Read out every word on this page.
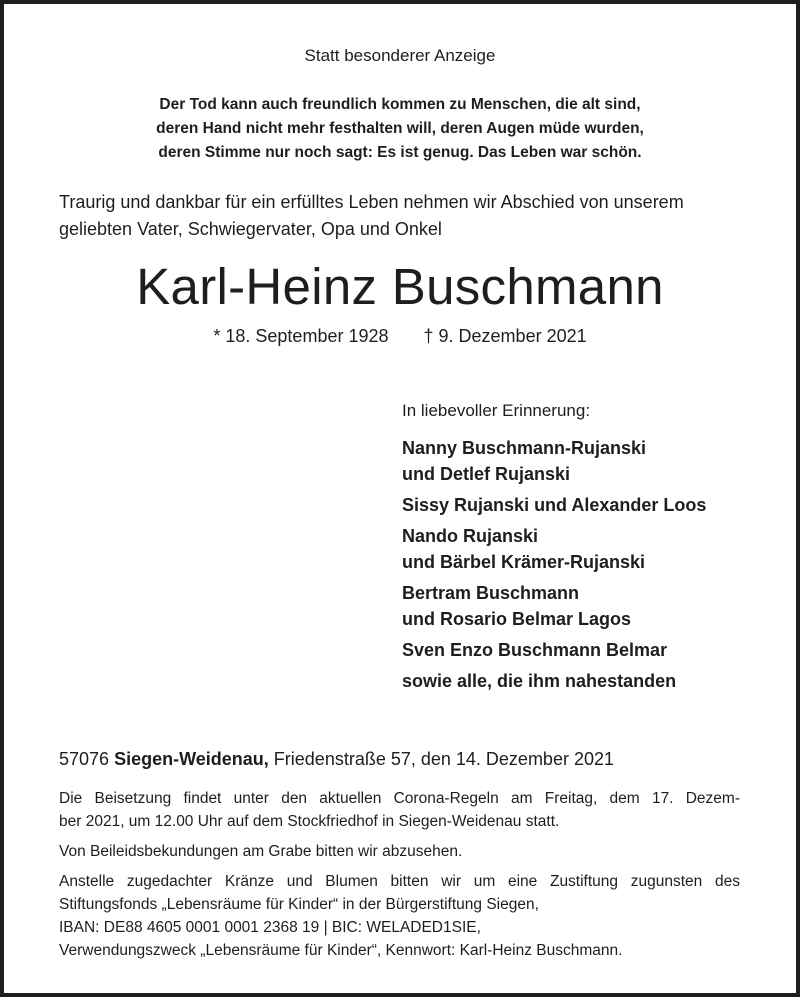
Statt besonderer Anzeige
Der Tod kann auch freundlich kommen zu Menschen, die alt sind,
deren Hand nicht mehr festhalten will, deren Augen müde wurden,
deren Stimme nur noch sagt: Es ist genug. Das Leben war schön.
Traurig und dankbar für ein erfülltes Leben nehmen wir Abschied von unserem
geliebten Vater, Schwiegervater, Opa und Onkel
Karl-Heinz Buschmann
* 18. September 1928 † 9. Dezember 2021
In liebevoller Erinnerung:
Nanny Buschmann-Rujanski
und Detlef Rujanski
Sissy Rujanski und Alexander Loos
Nando Rujanski
und Bärbel Krämer-Rujanski
Bertram Buschmann
und Rosario Belmar Lagos
Sven Enzo Buschmann Belmar
sowie alle, die ihm nahestanden
57076 Siegen-Weidenau, Friedenstraße 57, den 14. Dezember 2021
Die Beisetzung findet unter den aktuellen Corona-Regeln am Freitag, dem 17. Dezem-
ber 2021, um 12.00 Uhr auf dem Stockfriedhof in Siegen-Weidenau statt.
Von Beileidsbekundungen am Grabe bitten wir abzusehen.
Anstelle zugedachter Kränze und Blumen bitten wir um eine Zustiftung zugunsten des
Stiftungsfonds „Lebensräume für Kinder“ in der Bürgerstiftung Siegen,
IBAN: DE88 4605 0001 0001 2368 19 | BIC: WELADED1SIE,
Verwendungszweck „Lebensräume für Kinder“, Kennwort: Karl-Heinz Buschmann.
